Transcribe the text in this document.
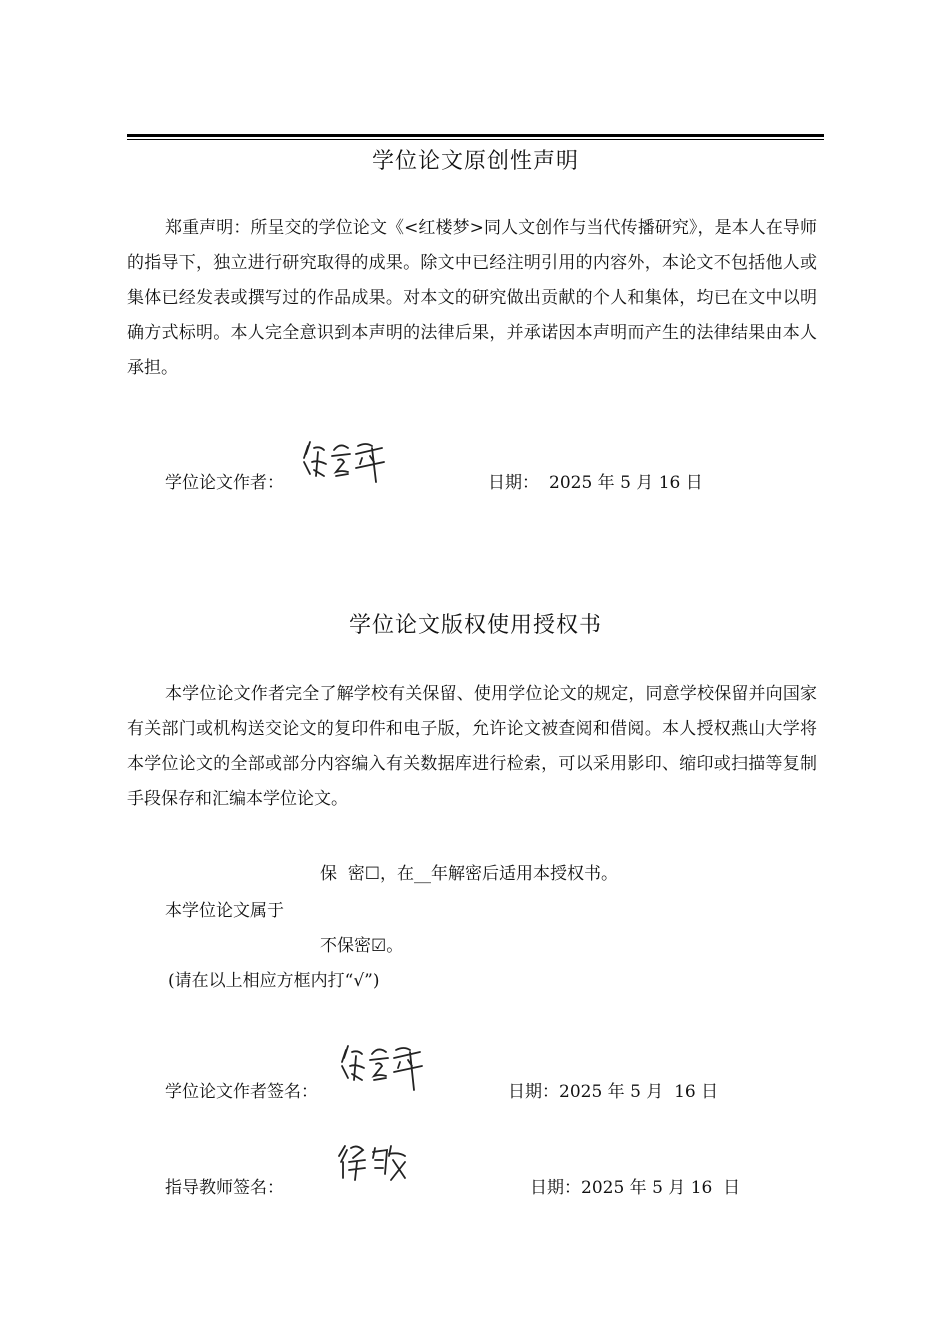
学位论文原创性声明

郑重声明：所呈交的学位论文《<红楼梦>同人文创作与当代传播研究》，是本人在导师的指导下，独立进行研究取得的成果。除文中已经注明引用的内容外，本论文不包括他人或集体已经发表或撰写过的作品成果。对本文的研究做出贡献的个人和集体，均已在文中以明确方式标明。本人完全意识到本声明的法律后果，并承诺因本声明而产生的法律结果由本人承担。

学位论文作者：	日期： 2025 年 5 月 16 日
学位论文版权使用授权书

本学位论文作者完全了解学校有关保留、使用学位论文的规定，同意学校保留并向国家有关部门或机构送交论文的复印件和电子版，允许论文被查阅和借阅。本人授权燕山大学将本学位论文的全部或部分内容编入有关数据库进行检索，可以采用影印、缩印或扫描等复制手段保存和汇编本学位论文。

保  密☐，在__年解密后适用本授权书。
本学位论文属于
不保密☑。
(请在以上相应方框内打“√”)
学位论文作者签名：	日期：2025 年 5 月  16 日
指导教师签名：	日期：2025 年 5 月 16  日
